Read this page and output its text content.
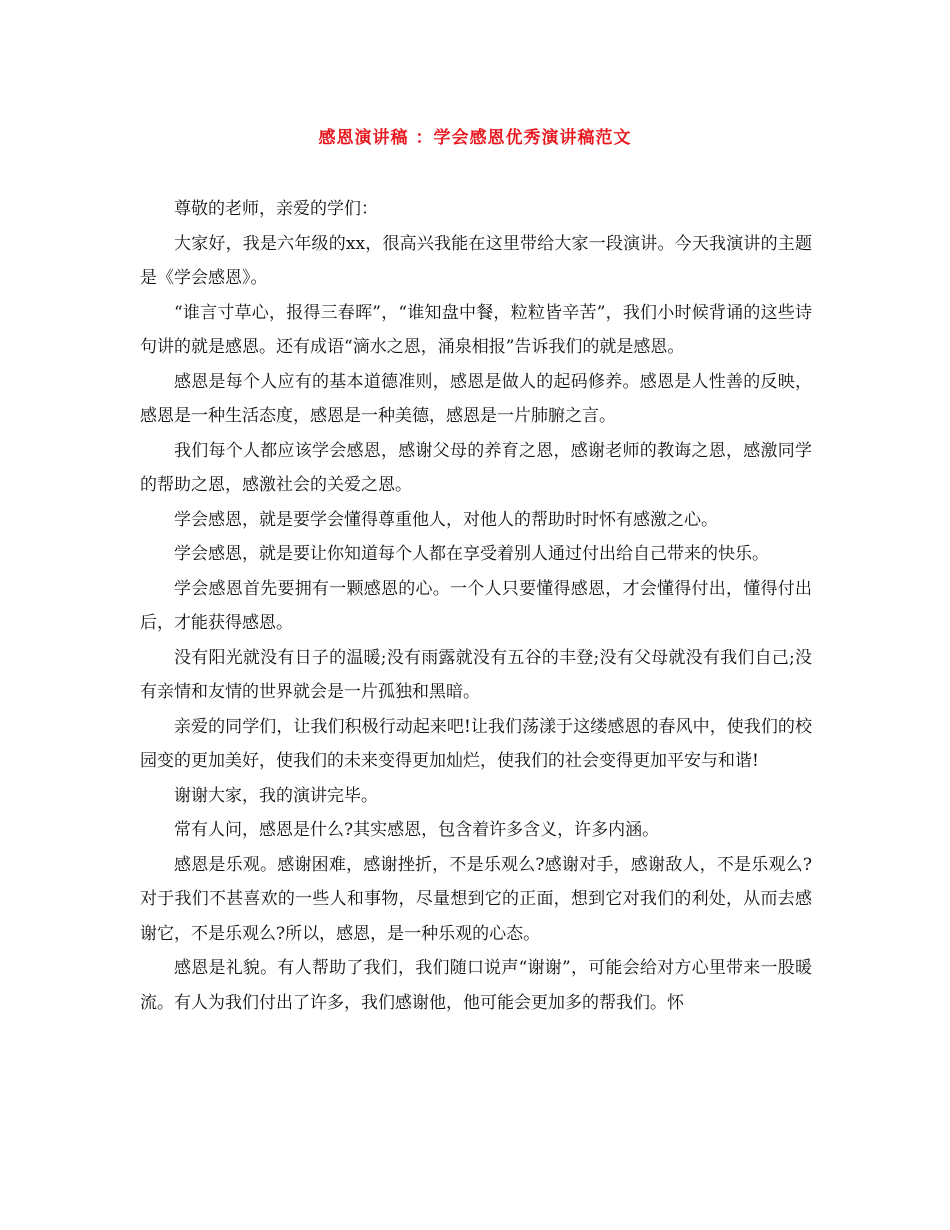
感恩演讲稿 ：学会感恩优秀演讲稿范文

尊敬的老师，亲爱的学们：

大家好，我是六年级的xx，很高兴我能在这里带给大家一段演讲。今天我演讲的主题是《学会感恩》。

“谁言寸草心，报得三春晖”，“谁知盘中餐，粒粒皆辛苦”，我们小时候背诵的这些诗句讲的就是感恩。还有成语“滴水之恩，涌泉相报”告诉我们的就是感恩。

感恩是每个人应有的基本道德准则，感恩是做人的起码修养。感恩是人性善的反映，感恩是一种生活态度，感恩是一种美德，感恩是一片肺腑之言。

我们每个人都应该学会感恩，感谢父母的养育之恩，感谢老师的教诲之恩，感激同学的帮助之恩，感激社会的关爱之恩。

学会感恩，就是要学会懂得尊重他人，对他人的帮助时时怀有感激之心。

学会感恩，就是要让你知道每个人都在享受着别人通过付出给自己带来的快乐。

学会感恩首先要拥有一颗感恩的心。一个人只要懂得感恩，才会懂得付出，懂得付出后，才能获得感恩。

没有阳光就没有日子的温暖;没有雨露就没有五谷的丰登;没有父母就没有我们自己;没有亲情和友情的世界就会是一片孤独和黑暗。

亲爱的同学们，让我们积极行动起来吧!让我们荡漾于这缕感恩的春风中，使我们的校园变的更加美好，使我们的未来变得更加灿烂，使我们的社会变得更加平安与和谐!

谢谢大家，我的演讲完毕。

常有人问，感恩是什么?其实感恩，包含着许多含义，许多内涵。

感恩是乐观。感谢困难，感谢挫折，不是乐观么?感谢对手，感谢敌人，不是乐观么?对于我们不甚喜欢的一些人和事物，尽量想到它的正面，想到它对我们的利处，从而去感谢它，不是乐观么?所以，感恩，是一种乐观的心态。

感恩是礼貌。有人帮助了我们，我们随口说声“谢谢”，可能会给对方心里带来一股暖流。有人为我们付出了许多，我们感谢他，他可能会更加多的帮我们。怀
